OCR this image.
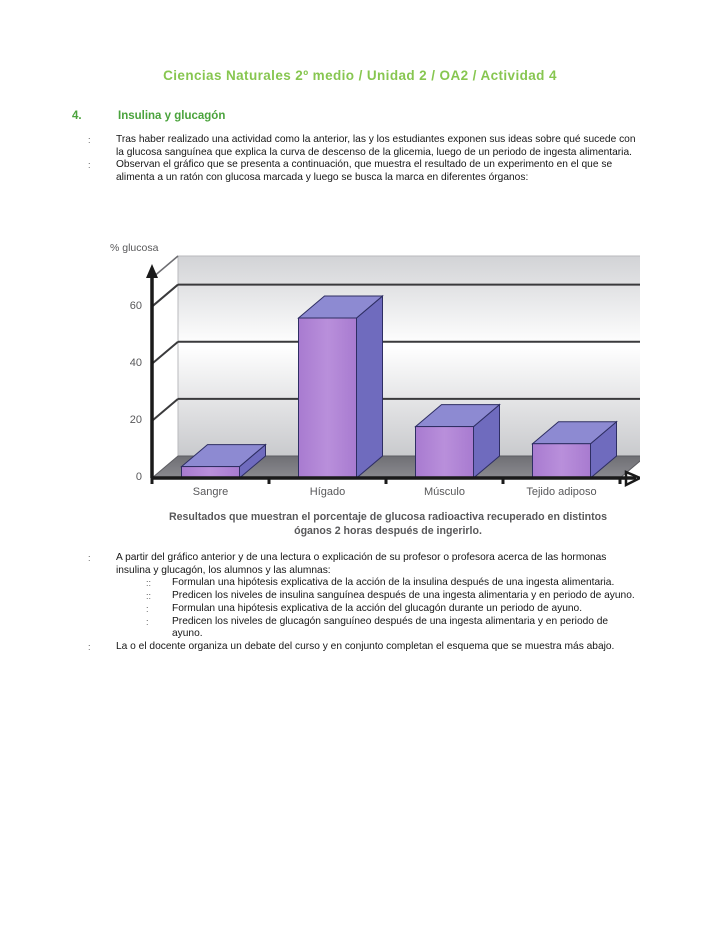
Ciencias Naturales 2º medio / Unidad 2 / OA2 / Actividad 4
4.	Insulina y glucagón
:	Tras haber realizado una actividad como la anterior, las y los estudiantes exponen sus ideas sobre qué sucede con la glucosa sanguínea que explica la curva de descenso de la glicemia, luego de un periodo de ingesta alimentaria.
:	Observan el gráfico que se presenta a continuación, que muestra el resultado de un experimento en el que se alimenta a un ratón con glucosa marcada y luego se busca la marca en diferentes órganos:
% glucosa
0
20
40
60
Sangre	Hígado	Músculo	Tejido adiposo
Resultados que muestran el porcentaje de glucosa radioactiva recuperado en distintos óganos 2 horas después de ingerirlo.
:	A partir del gráfico anterior y de una lectura o explicación de su profesor o profesora acerca de las hormonas insulina y glucagón, los alumnos y las alumnas:
::	Formulan una hipótesis explicativa de la acción de la insulina después de una ingesta alimentaria.
::	Predicen los niveles de insulina sanguínea después de una ingesta alimentaria y en periodo de ayuno.
:	Formulan una hipótesis explicativa de la acción del glucagón durante un periodo de ayuno.
:	Predicen los niveles de glucagón sanguíneo después de una ingesta alimentaria y en periodo de ayuno.
:	La o el docente organiza un debate del curso y en conjunto completan el esquema que se muestra más abajo.
